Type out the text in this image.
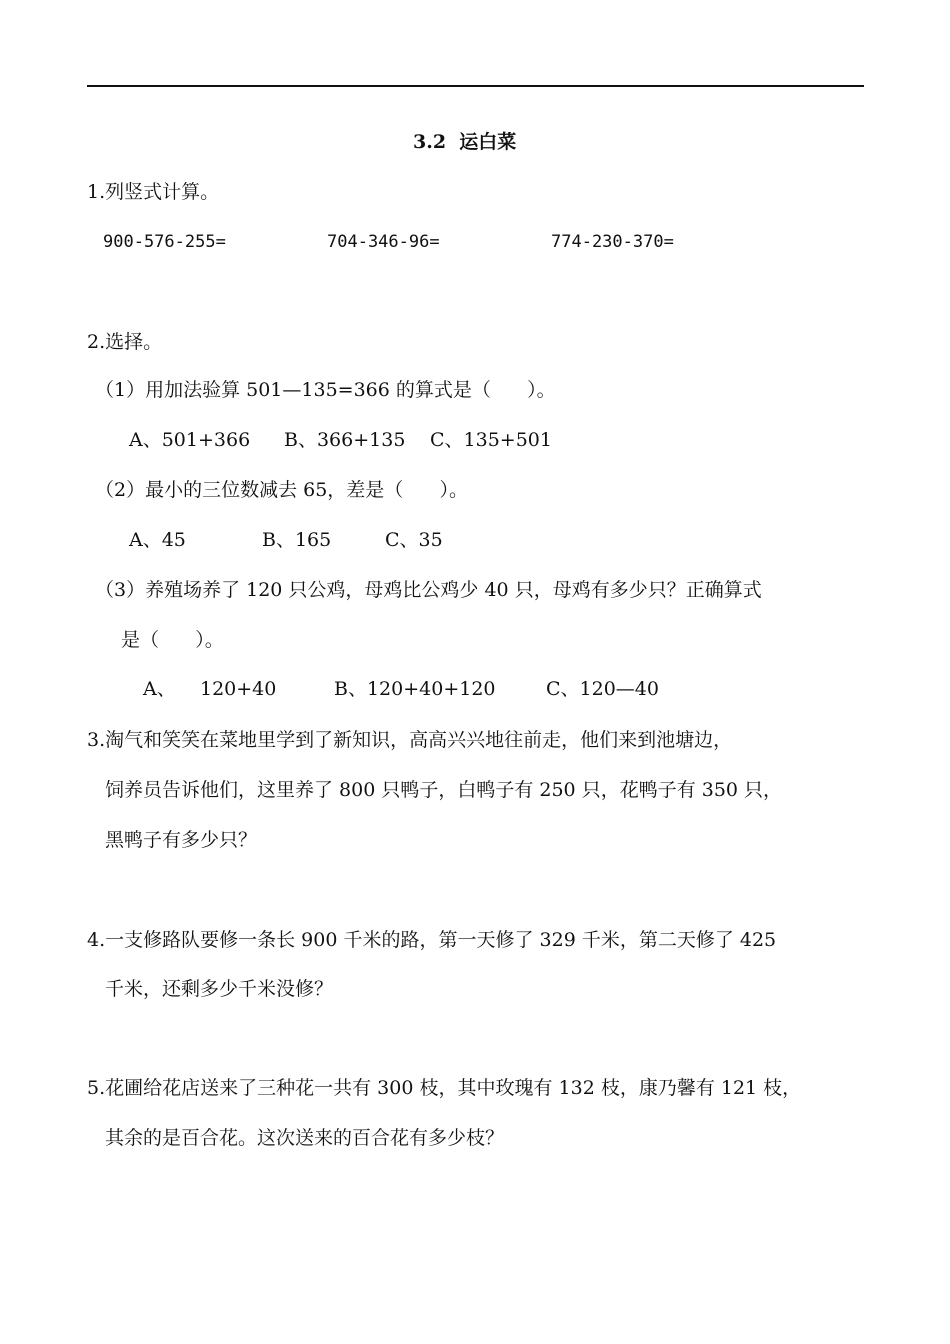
3.2  运白菜
1.列竖式计算。
900-576-255=	704-346-96=	774-230-370=
2.选择。
（1）用加法验算 501—135=366 的算式是（      ）。
A、501+366 B、366+135 C、135+501
（2）最小的三位数减去 65，差是（      ）。
A、45	B、165	C、35
（3）养殖场养了 120 只公鸡，母鸡比公鸡少 40 只，母鸡有多少只？正确算式
是（      ）。
A、 120+40	B、120+40+120	C、120—40
3.淘气和笑笑在菜地里学到了新知识，高高兴兴地往前走，他们来到池塘边，
饲养员告诉他们，这里养了 800 只鸭子，白鸭子有 250 只，花鸭子有 350 只，
黑鸭子有多少只？
4.一支修路队要修一条长 900 千米的路，第一天修了 329 千米，第二天修了 425
千米，还剩多少千米没修？
5.花圃给花店送来了三种花一共有 300 枝，其中玫瑰有 132 枝，康乃馨有 121 枝，
其余的是百合花。这次送来的百合花有多少枝？
